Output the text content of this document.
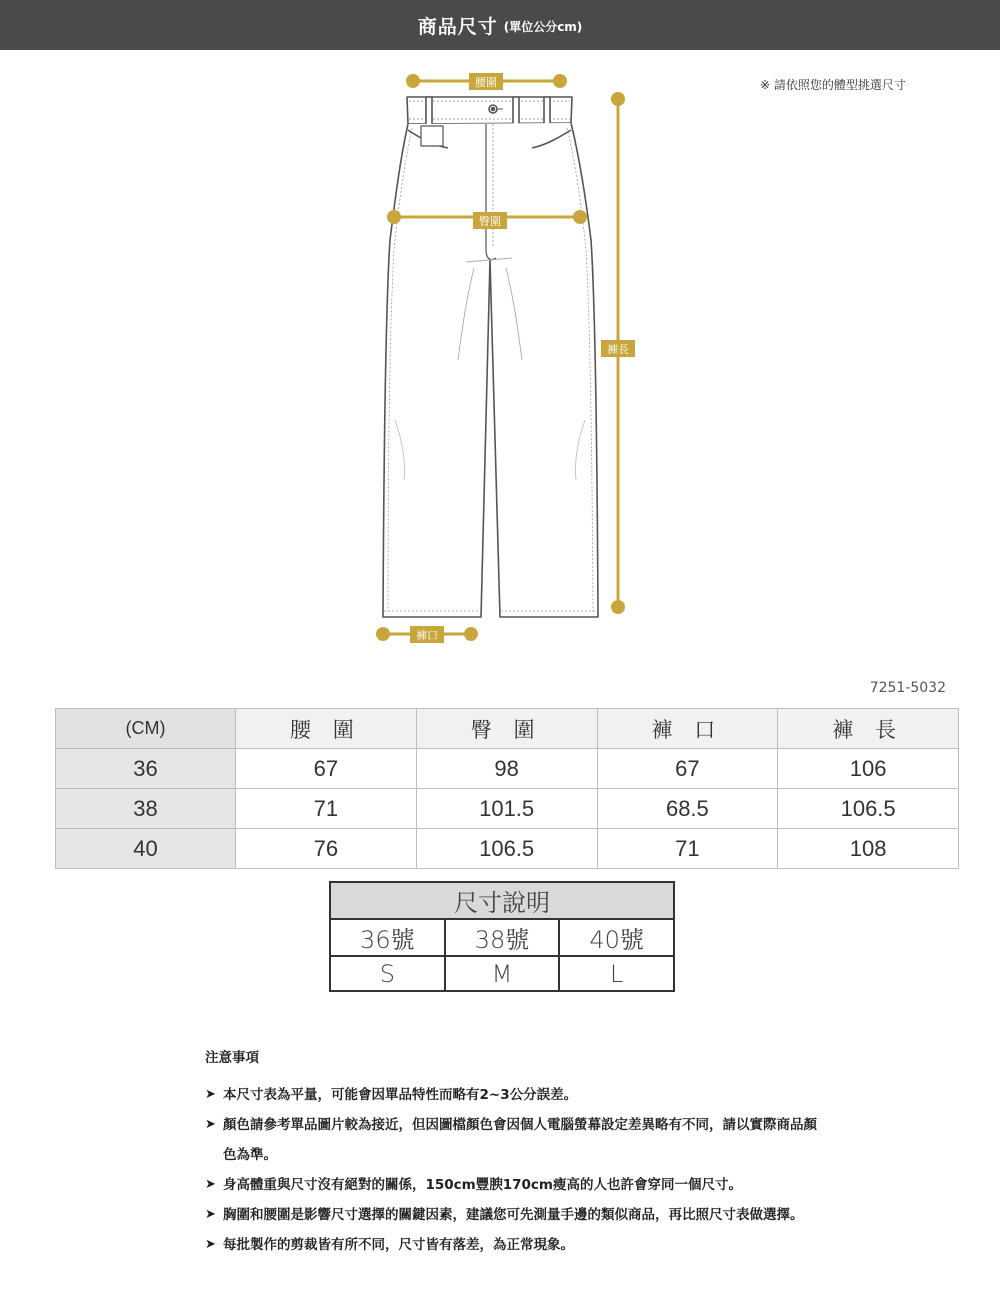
商品尺寸 (單位公分cm)
※ 請依照您的體型挑選尺寸
腰圍
臀圍
褲長
褲口
7251-5032
(CM)	腰 圍	臀 圍	褲 口	褲 長
36	67	98	67	106
38	71	101.5	68.5	106.5
40	76	106.5	71	108
尺寸說明		
36號	38號	40號
S	M	L
注意事項
➤ 本尺寸表為平量，可能會因單品特性而略有2~3公分誤差。
➤ 顏色請參考單品圖片較為接近，但因圖檔顏色會因個人電腦螢幕設定差異略有不同，請以實際商品顏色為準。
➤ 身高體重與尺寸沒有絕對的關係，150cm豐腴170cm瘦高的人也許會穿同一個尺寸。
➤ 胸圍和腰圍是影響尺寸選擇的關鍵因素，建議您可先測量手邊的類似商品，再比照尺寸表做選擇。
➤ 每批製作的剪裁皆有所不同，尺寸皆有落差，為正常現象。
